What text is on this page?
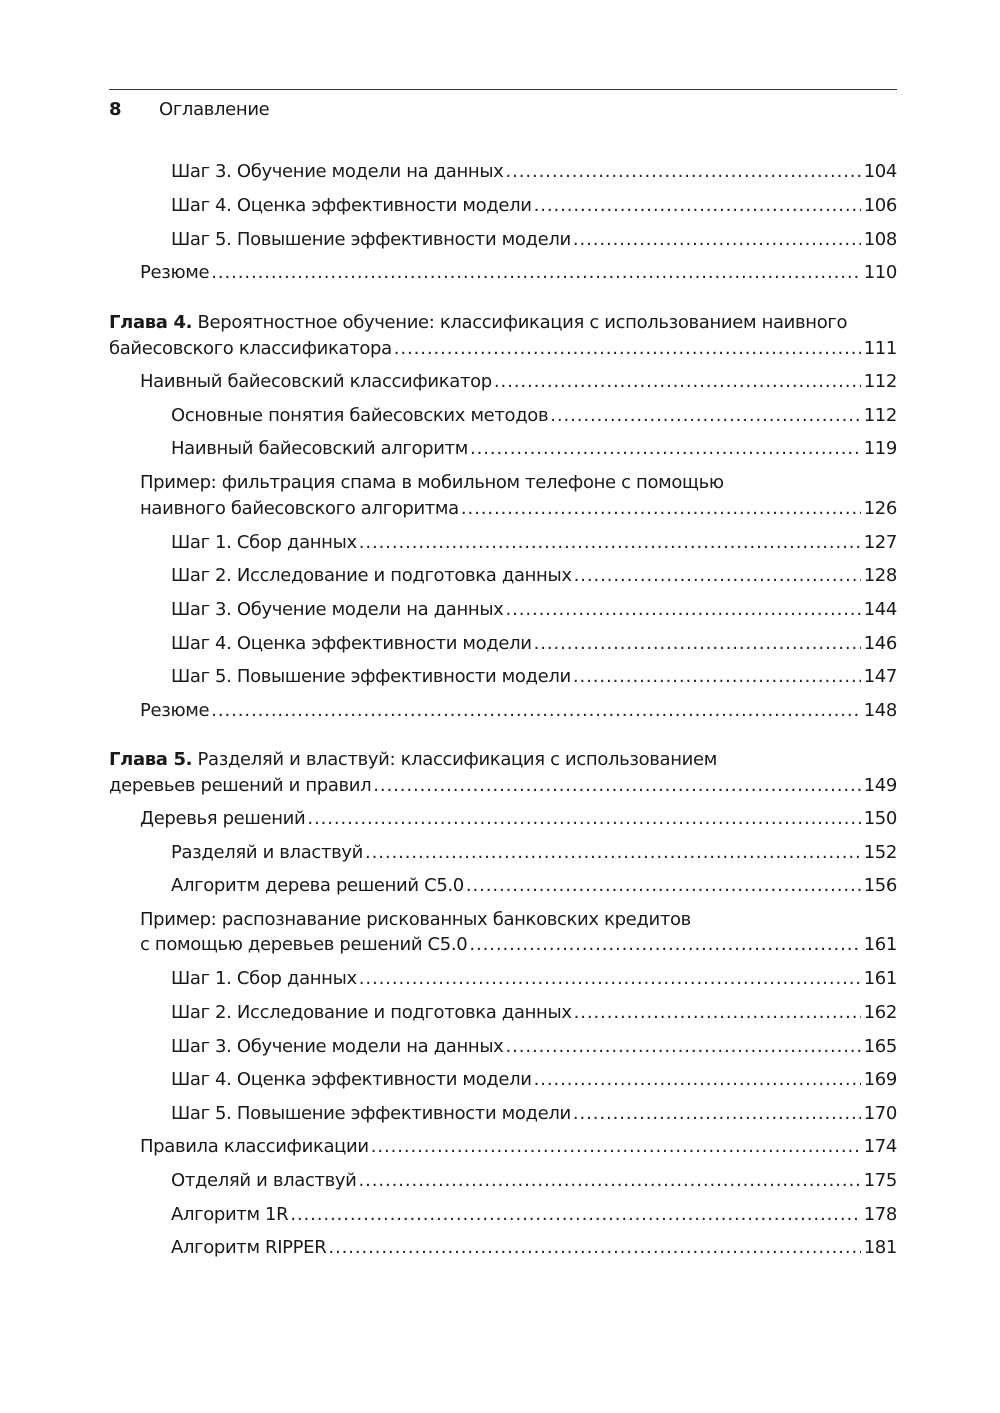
8	Оглавление
Шаг 3. Обучение модели на данных .....	104
Шаг 4. Оценка эффективности модели .....	106
Шаг 5. Повышение эффективности модели .....	108
Резюме .....	110
Глава 4. Вероятностное обучение: классификация с использованием наивного
байесовского классификатора .....	111
Наивный байесовский классификатор .....	112
Основные понятия байесовских методов .....	112
Наивный байесовский алгоритм .....	119
Пример: фильтрация спама в мобильном телефоне с помощью
наивного байесовского алгоритма .....	126
Шаг 1. Сбор данных .....	127
Шаг 2. Исследование и подготовка данных .....	128
Шаг 3. Обучение модели на данных .....	144
Шаг 4. Оценка эффективности модели .....	146
Шаг 5. Повышение эффективности модели .....	147
Резюме .....	148
Глава 5. Разделяй и властвуй: классификация с использованием
деревьев решений и правил .....	149
Деревья решений .....	150
Разделяй и властвуй .....	152
Алгоритм дерева решений C5.0 .....	156
Пример: распознавание рискованных банковских кредитов
с помощью деревьев решений C5.0 .....	161
Шаг 1. Сбор данных .....	161
Шаг 2. Исследование и подготовка данных .....	162
Шаг 3. Обучение модели на данных .....	165
Шаг 4. Оценка эффективности модели .....	169
Шаг 5. Повышение эффективности модели .....	170
Правила классификации .....	174
Отделяй и властвуй .....	175
Алгоритм 1R .....	178
Алгоритм RIPPER .....	181
